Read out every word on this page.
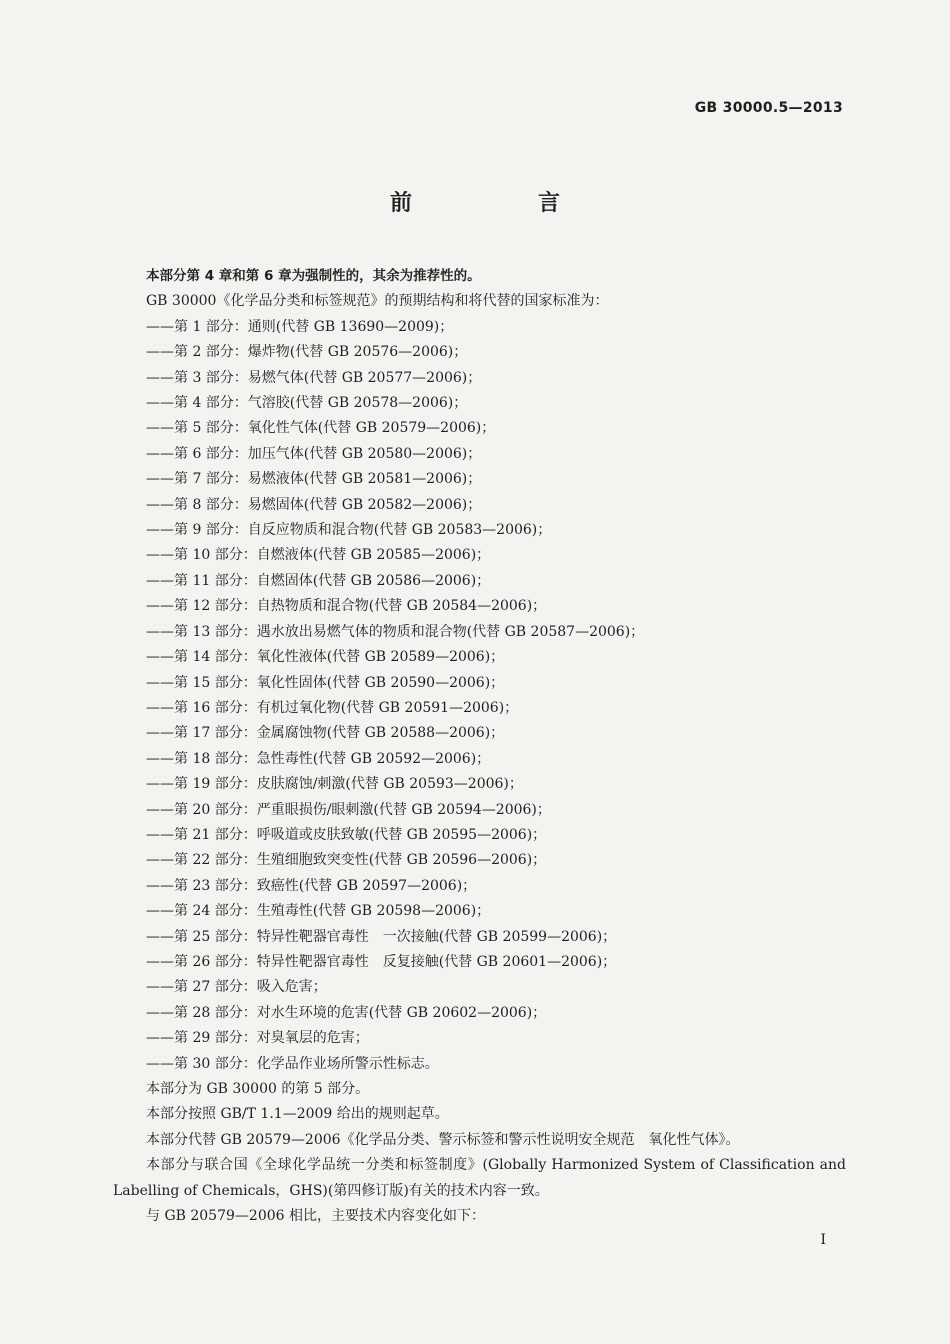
GB 30000.5—2013
前　言

本部分第 4 章和第 6 章为强制性的，其余为推荐性的。

GB 30000《化学品分类和标签规范》的预期结构和将代替的国家标准为：

——第 1 部分：通则(代替 GB 13690—2009)；

——第 2 部分：爆炸物(代替 GB 20576—2006)；

——第 3 部分：易燃气体(代替 GB 20577—2006)；

——第 4 部分：气溶胶(代替 GB 20578—2006)；

——第 5 部分：氧化性气体(代替 GB 20579—2006)；

——第 6 部分：加压气体(代替 GB 20580—2006)；

——第 7 部分：易燃液体(代替 GB 20581—2006)；

——第 8 部分：易燃固体(代替 GB 20582—2006)；

——第 9 部分：自反应物质和混合物(代替 GB 20583—2006)；

——第 10 部分：自燃液体(代替 GB 20585—2006)；

——第 11 部分：自燃固体(代替 GB 20586—2006)；

——第 12 部分：自热物质和混合物(代替 GB 20584—2006)；

——第 13 部分：遇水放出易燃气体的物质和混合物(代替 GB 20587—2006)；

——第 14 部分：氧化性液体(代替 GB 20589—2006)；

——第 15 部分：氧化性固体(代替 GB 20590—2006)；

——第 16 部分：有机过氧化物(代替 GB 20591—2006)；

——第 17 部分：金属腐蚀物(代替 GB 20588—2006)；

——第 18 部分：急性毒性(代替 GB 20592—2006)；

——第 19 部分：皮肤腐蚀/刺激(代替 GB 20593—2006)；

——第 20 部分：严重眼损伤/眼刺激(代替 GB 20594—2006)；

——第 21 部分：呼吸道或皮肤致敏(代替 GB 20595—2006)；

——第 22 部分：生殖细胞致突变性(代替 GB 20596—2006)；

——第 23 部分：致癌性(代替 GB 20597—2006)；

——第 24 部分：生殖毒性(代替 GB 20598—2006)；

——第 25 部分：特异性靶器官毒性　一次接触(代替 GB 20599—2006)；

——第 26 部分：特异性靶器官毒性　反复接触(代替 GB 20601—2006)；

——第 27 部分：吸入危害；

——第 28 部分：对水生环境的危害(代替 GB 20602—2006)；

——第 29 部分：对臭氧层的危害；

——第 30 部分：化学品作业场所警示性标志。

本部分为 GB 30000 的第 5 部分。

本部分按照 GB/T 1.1—2009 给出的规则起草。

本部分代替 GB 20579—2006《化学品分类、警示标签和警示性说明安全规范　氧化性气体》。

本部分与联合国《全球化学品统一分类和标签制度》(Globally Harmonized System of Classification and Labelling of Chemicals，GHS)(第四修订版)有关的技术内容一致。

与 GB 20579—2006 相比，主要技术内容变化如下：

I
